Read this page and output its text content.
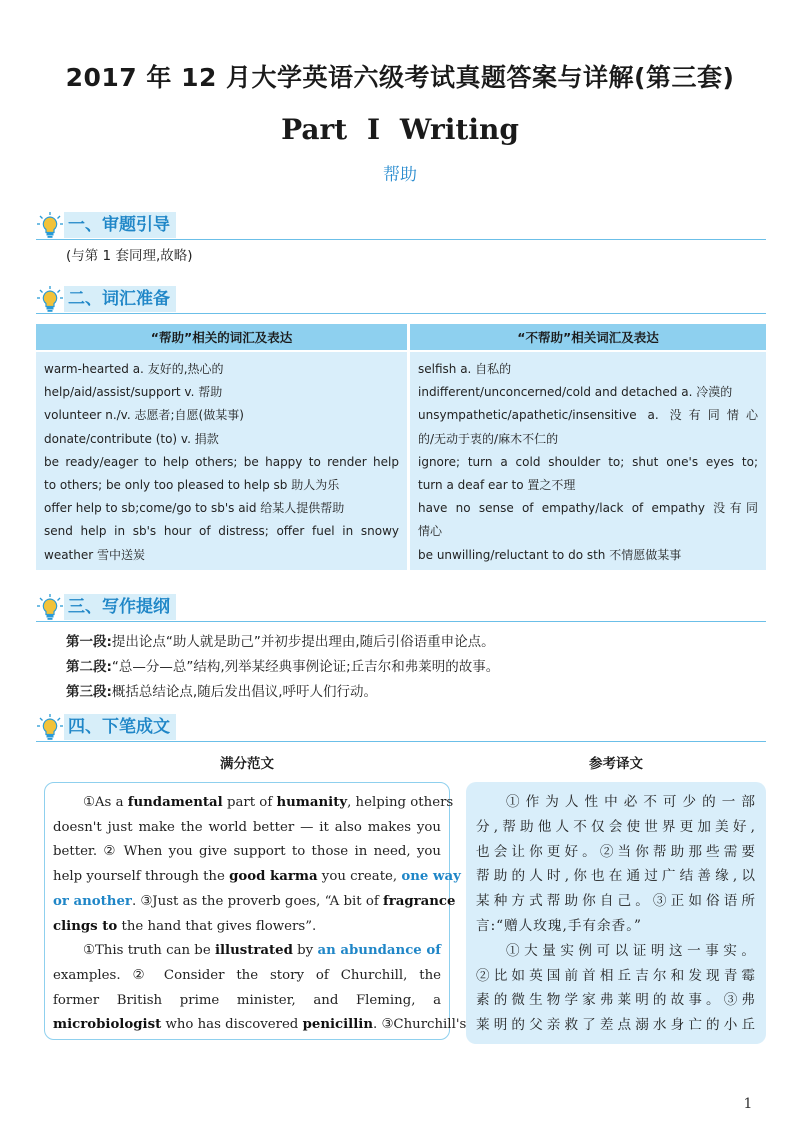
2017 年 12 月大学英语六级考试真题答案与详解(第三套)
Part I Writing
帮助
一、审题引导
(与第 1 套同理,故略)
二、词汇准备
“帮助”相关的词汇及表达
warm-hearted a. 友好的,热心的
help/aid/assist/support v. 帮助
volunteer n./v. 志愿者;自愿(做某事)
donate/contribute (to) v. 捐款
be ready/eager to help others; be happy to render help
to others; be only too pleased to help sb 助人为乐
offer help to sb;come/go to sb's aid 给某人提供帮助
send help in sb's hour of distress; offer fuel in snowy
weather 雪中送炭
“不帮助”相关词汇及表达
selfish a. 自私的
indifferent/unconcerned/cold and detached a. 冷漠的
unsympathetic/apathetic/insensitive a. 没有同情心
的/无动于衷的/麻木不仁的
ignore; turn a cold shoulder to; shut one's eyes to;
turn a deaf ear to 置之不理
have no sense of empathy/lack of empathy 没有同
情心
be unwilling/reluctant to do sth 不情愿做某事
三、写作提纲
第一段:提出论点“助人就是助己”并初步提出理由,随后引俗语重申论点。
第二段:“总—分—总”结构,列举某经典事例论证;丘吉尔和弗莱明的故事。
第三段:概括总结论点,随后发出倡议,呼吁人们行动。
四、下笔成文
满分范文	参考译文
①As a fundamental part of humanity, helping others
doesn't just make the world better — it also makes you
better. ② When you give support to those in need, you
help yourself through the good karma you create, one way
or another. ③Just as the proverb goes, “A bit of fragrance
clings to the hand that gives flowers”.
①This truth can be illustrated by an abundance of
examples. ② Consider the story of Churchill, the
former British prime minister, and Fleming, a
microbiologist who has discovered penicillin. ③Churchill's
①作为人性中必不可少的一部
分,帮助他人不仅会使世界更加美好,
也会让你更好。②当你帮助那些需要
帮助的人时,你也在通过广结善缘,以
某种方式帮助你自己。③正如俗语所
言:“赠人玫瑰,手有余香。”
①大量实例可以证明这一事实。
②比如英国前首相丘吉尔和发现青霉
素的微生物学家弗莱明的故事。③弗
莱明的父亲救了差点溺水身亡的小丘
1
